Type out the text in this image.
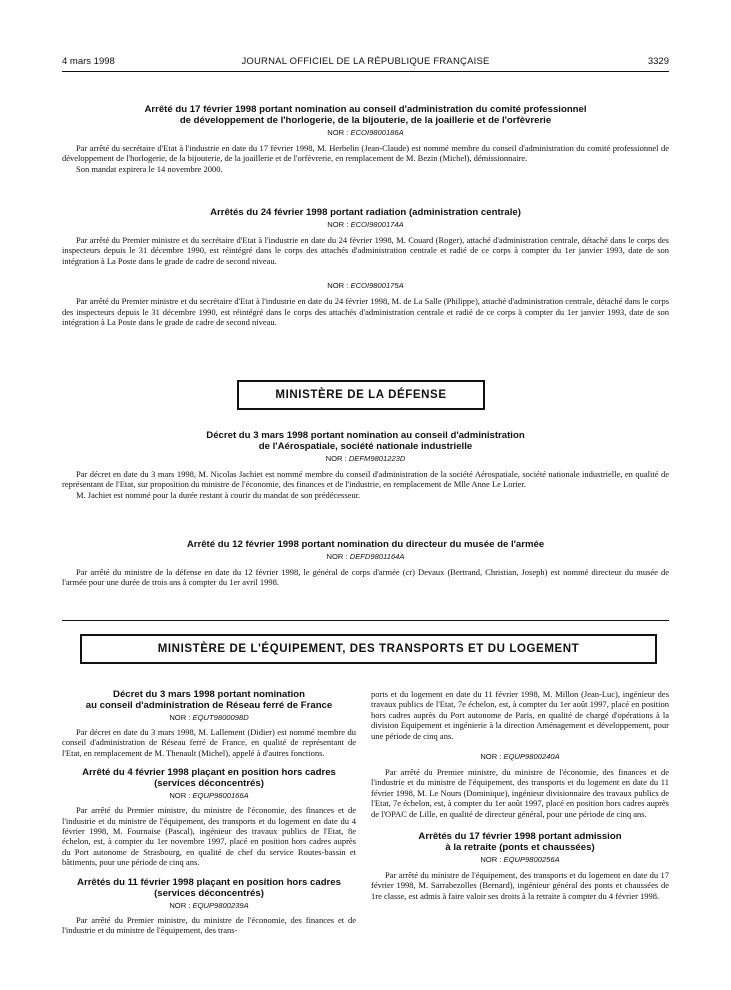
4 mars 1998	JOURNAL OFFICIEL DE LA RÉPUBLIQUE FRANÇAISE	3329
Arrêté du 17 février 1998 portant nomination au conseil d'administration du comité professionnel
de développement de l'horlogerie, de la bijouterie, de la joaillerie et de l'orfèvrerie
NOR : ECOI9800186A

Par arrêté du secrétaire d'Etat à l'industrie en date du 17 février 1998, M. Herbelin (Jean-Claude) est nommé membre du conseil d'administration du comité professionnel de développement de l'horlogerie, de la bijouterie, de la joaillerie et de l'orfèvrerie, en remplacement de M. Bezin (Michel), démissionnaire.

Son mandat expirera le 14 novembre 2000.

Arrêtés du 24 février 1998 portant radiation (administration centrale)
NOR : ECOI9800174A

Par arrêté du Premier ministre et du secrétaire d'Etat à l'industrie en date du 24 février 1998, M. Couard (Roger), attaché d'administration centrale, détaché dans le corps des inspecteurs depuis le 31 décembre 1990, est réintégré dans le corps des attachés d'administration centrale et radié de ce corps à compter du 1er janvier 1993, date de son intégration à La Poste dans le grade de cadre de second niveau.

NOR : ECOI9800175A

Par arrêté du Premier ministre et du secrétaire d'Etat à l'industrie en date du 24 février 1998, M. de La Salle (Philippe), attaché d'administration centrale, détaché dans le corps des inspecteurs depuis le 31 décembre 1990, est réintégré dans le corps des attachés d'administration centrale et radié de ce corps à compter du 1er janvier 1993, date de son intégration à La Poste dans le grade de cadre de second niveau.

MINISTÈRE DE LA DÉFENSE
Décret du 3 mars 1998 portant nomination au conseil d'administration
de l'Aérospatiale, société nationale industrielle
NOR : DEFM9801223D

Par décret en date du 3 mars 1998, M. Nicolas Jachiet est nommé membre du conseil d'administration de la société Aérospatiale, société nationale industrielle, en qualité de représentant de l'Etat, sur proposition du ministre de l'économie, des finances et de l'industrie, en remplacement de Mlle Anne Le Lorier.

M. Jachiet est nommé pour la durée restant à courir du mandat de son prédécesseur.

Arrêté du 12 février 1998 portant nomination du directeur du musée de l'armée
NOR : DEFD9801164A

Par arrêté du ministre de la défense en date du 12 février 1998, le général de corps d'armée (cr) Devaux (Bertrand, Christian, Joseph) est nommé directeur du musée de l'armée pour une durée de trois ans à compter du 1er avril 1998.

MINISTÈRE DE L'ÉQUIPEMENT, DES TRANSPORTS ET DU LOGEMENT
Décret du 3 mars 1998 portant nomination
au conseil d'administration de Réseau ferré de France
NOR : EQUT9800098D

Par décret en date du 3 mars 1998, M. Lallement (Didier) est nommé membre du conseil d'administration de Réseau ferré de France, en qualité de représentant de l'Etat, en remplacement de M. Thenault (Michel), appelé à d'autres fonctions.

Arrêté du 4 février 1998 plaçant en position hors cadres
(services déconcentrés)
NOR : EQUP9800166A

Par arrêté du Premier ministre, du ministre de l'économie, des finances et de l'industrie et du ministre de l'équipement, des transports et du logement en date du 4 février 1998, M. Fournaise (Pascal), ingénieur des travaux publics de l'Etat, 8e échelon, est, à compter du 1er novembre 1997, placé en position hors cadres auprès du Port autonome de Strasbourg, en qualité de chef du service Routes-bassin et bâtiments, pour une période de cinq ans.

Arrêtés du 11 février 1998 plaçant en position hors cadres
(services déconcentrés)
NOR : EQUP9800239A

Par arrêté du Premier ministre, du ministre de l'économie, des finances et de l'industrie et du ministre de l'équipement, des trans-

ports et du logement en date du 11 février 1998, M. Millon (Jean-Luc), ingénieur des travaux publics de l'Etat, 7e échelon, est, à compter du 1er août 1997, placé en position hors cadres auprès du Port autonome de Paris, en qualité de chargé d'opérations à la division Equipement et ingénierie à la direction Aménagement et développement, pour une période de cinq ans.

NOR : EQUP9800240A

Par arrêté du Premier ministre, du ministre de l'économie, des finances et de l'industrie et du ministre de l'équipement, des transports et du logement en date du 11 février 1998, M. Le Nours (Dominique), ingénieur divisionnaire des travaux publics de l'Etat, 7e échelon, est, à compter du 1er août 1997, placé en position hors cadres auprès de l'OPAC de Lille, en qualité de directeur général, pour une période de cinq ans.

Arrêtés du 17 février 1998 portant admission
à la retraite (ponts et chaussées)
NOR : EQUP9800256A

Par arrêté du ministre de l'équipement, des transports et du logement en date du 17 février 1998, M. Sarrabezolles (Bernard), ingénieur général des ponts et chaussées de 1re classe, est admis à faire valoir ses droits à la retraite à compter du 4 février 1998.
